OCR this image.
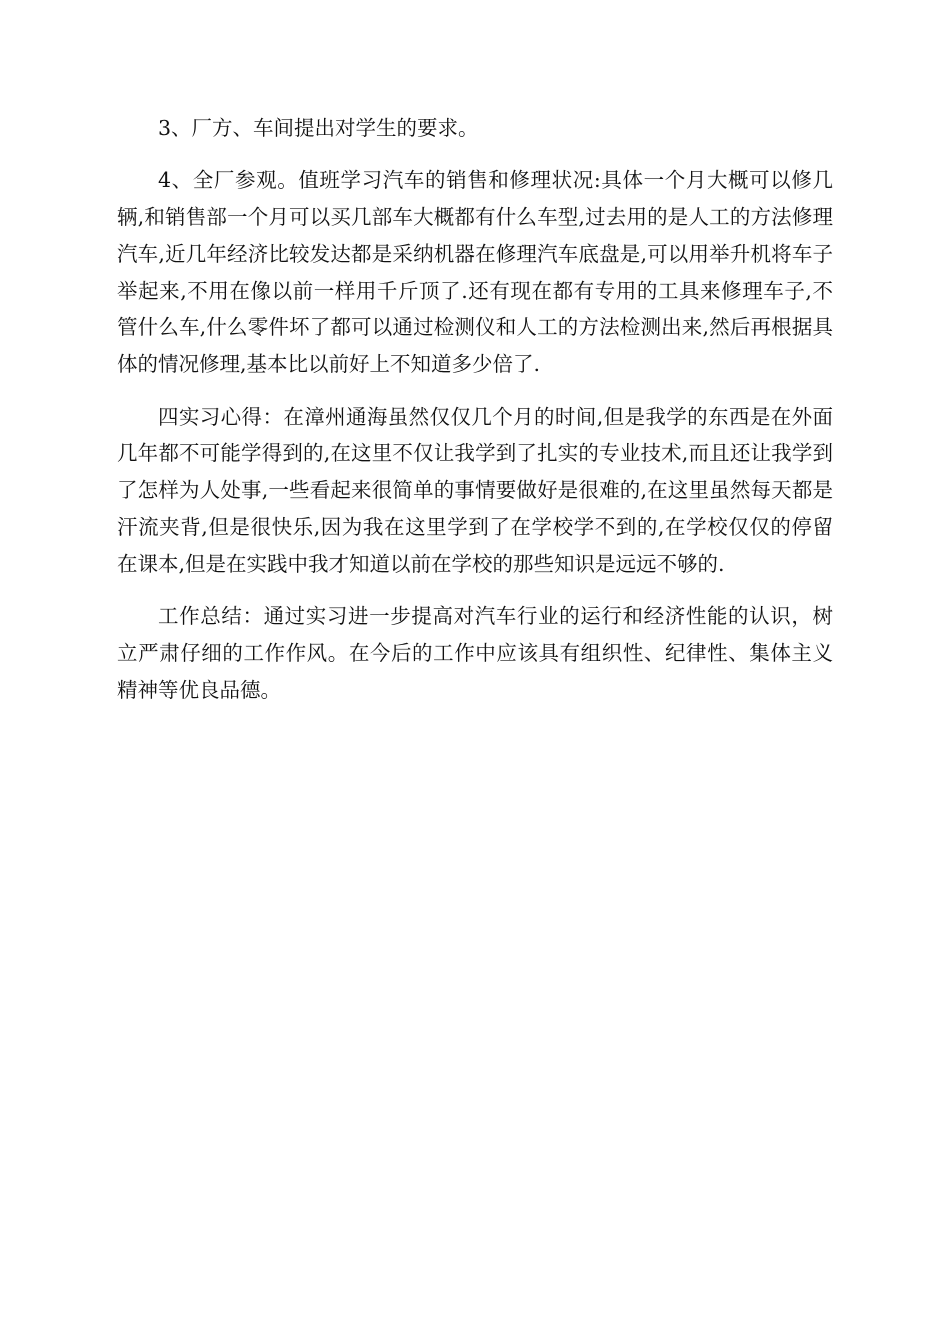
3、厂方、车间提出对学生的要求。

4、全厂参观。值班学习汽车的销售和修理状况:具体一个月大概可以修几辆,和销售部一个月可以买几部车大概都有什么车型,过去用的是人工的方法修理汽车,近几年经济比较发达都是采纳机器在修理汽车底盘是,可以用举升机将车子举起来,不用在像以前一样用千斤顶了.还有现在都有专用的工具来修理车子,不管什么车,什么零件坏了都可以通过检测仪和人工的方法检测出来,然后再根据具体的情况修理,基本比以前好上不知道多少倍了.

四实习心得：在漳州通海虽然仅仅几个月的时间,但是我学的东西是在外面几年都不可能学得到的,在这里不仅让我学到了扎实的专业技术,而且还让我学到了怎样为人处事,一些看起来很简单的事情要做好是很难的,在这里虽然每天都是汗流夹背,但是很快乐,因为我在这里学到了在学校学不到的,在学校仅仅的停留在课本,但是在实践中我才知道以前在学校的那些知识是远远不够的.

工作总结：通过实习进一步提高对汽车行业的运行和经济性能的认识，树立严肃仔细的工作作风。在今后的工作中应该具有组织性、纪律性、集体主义精神等优良品德。
